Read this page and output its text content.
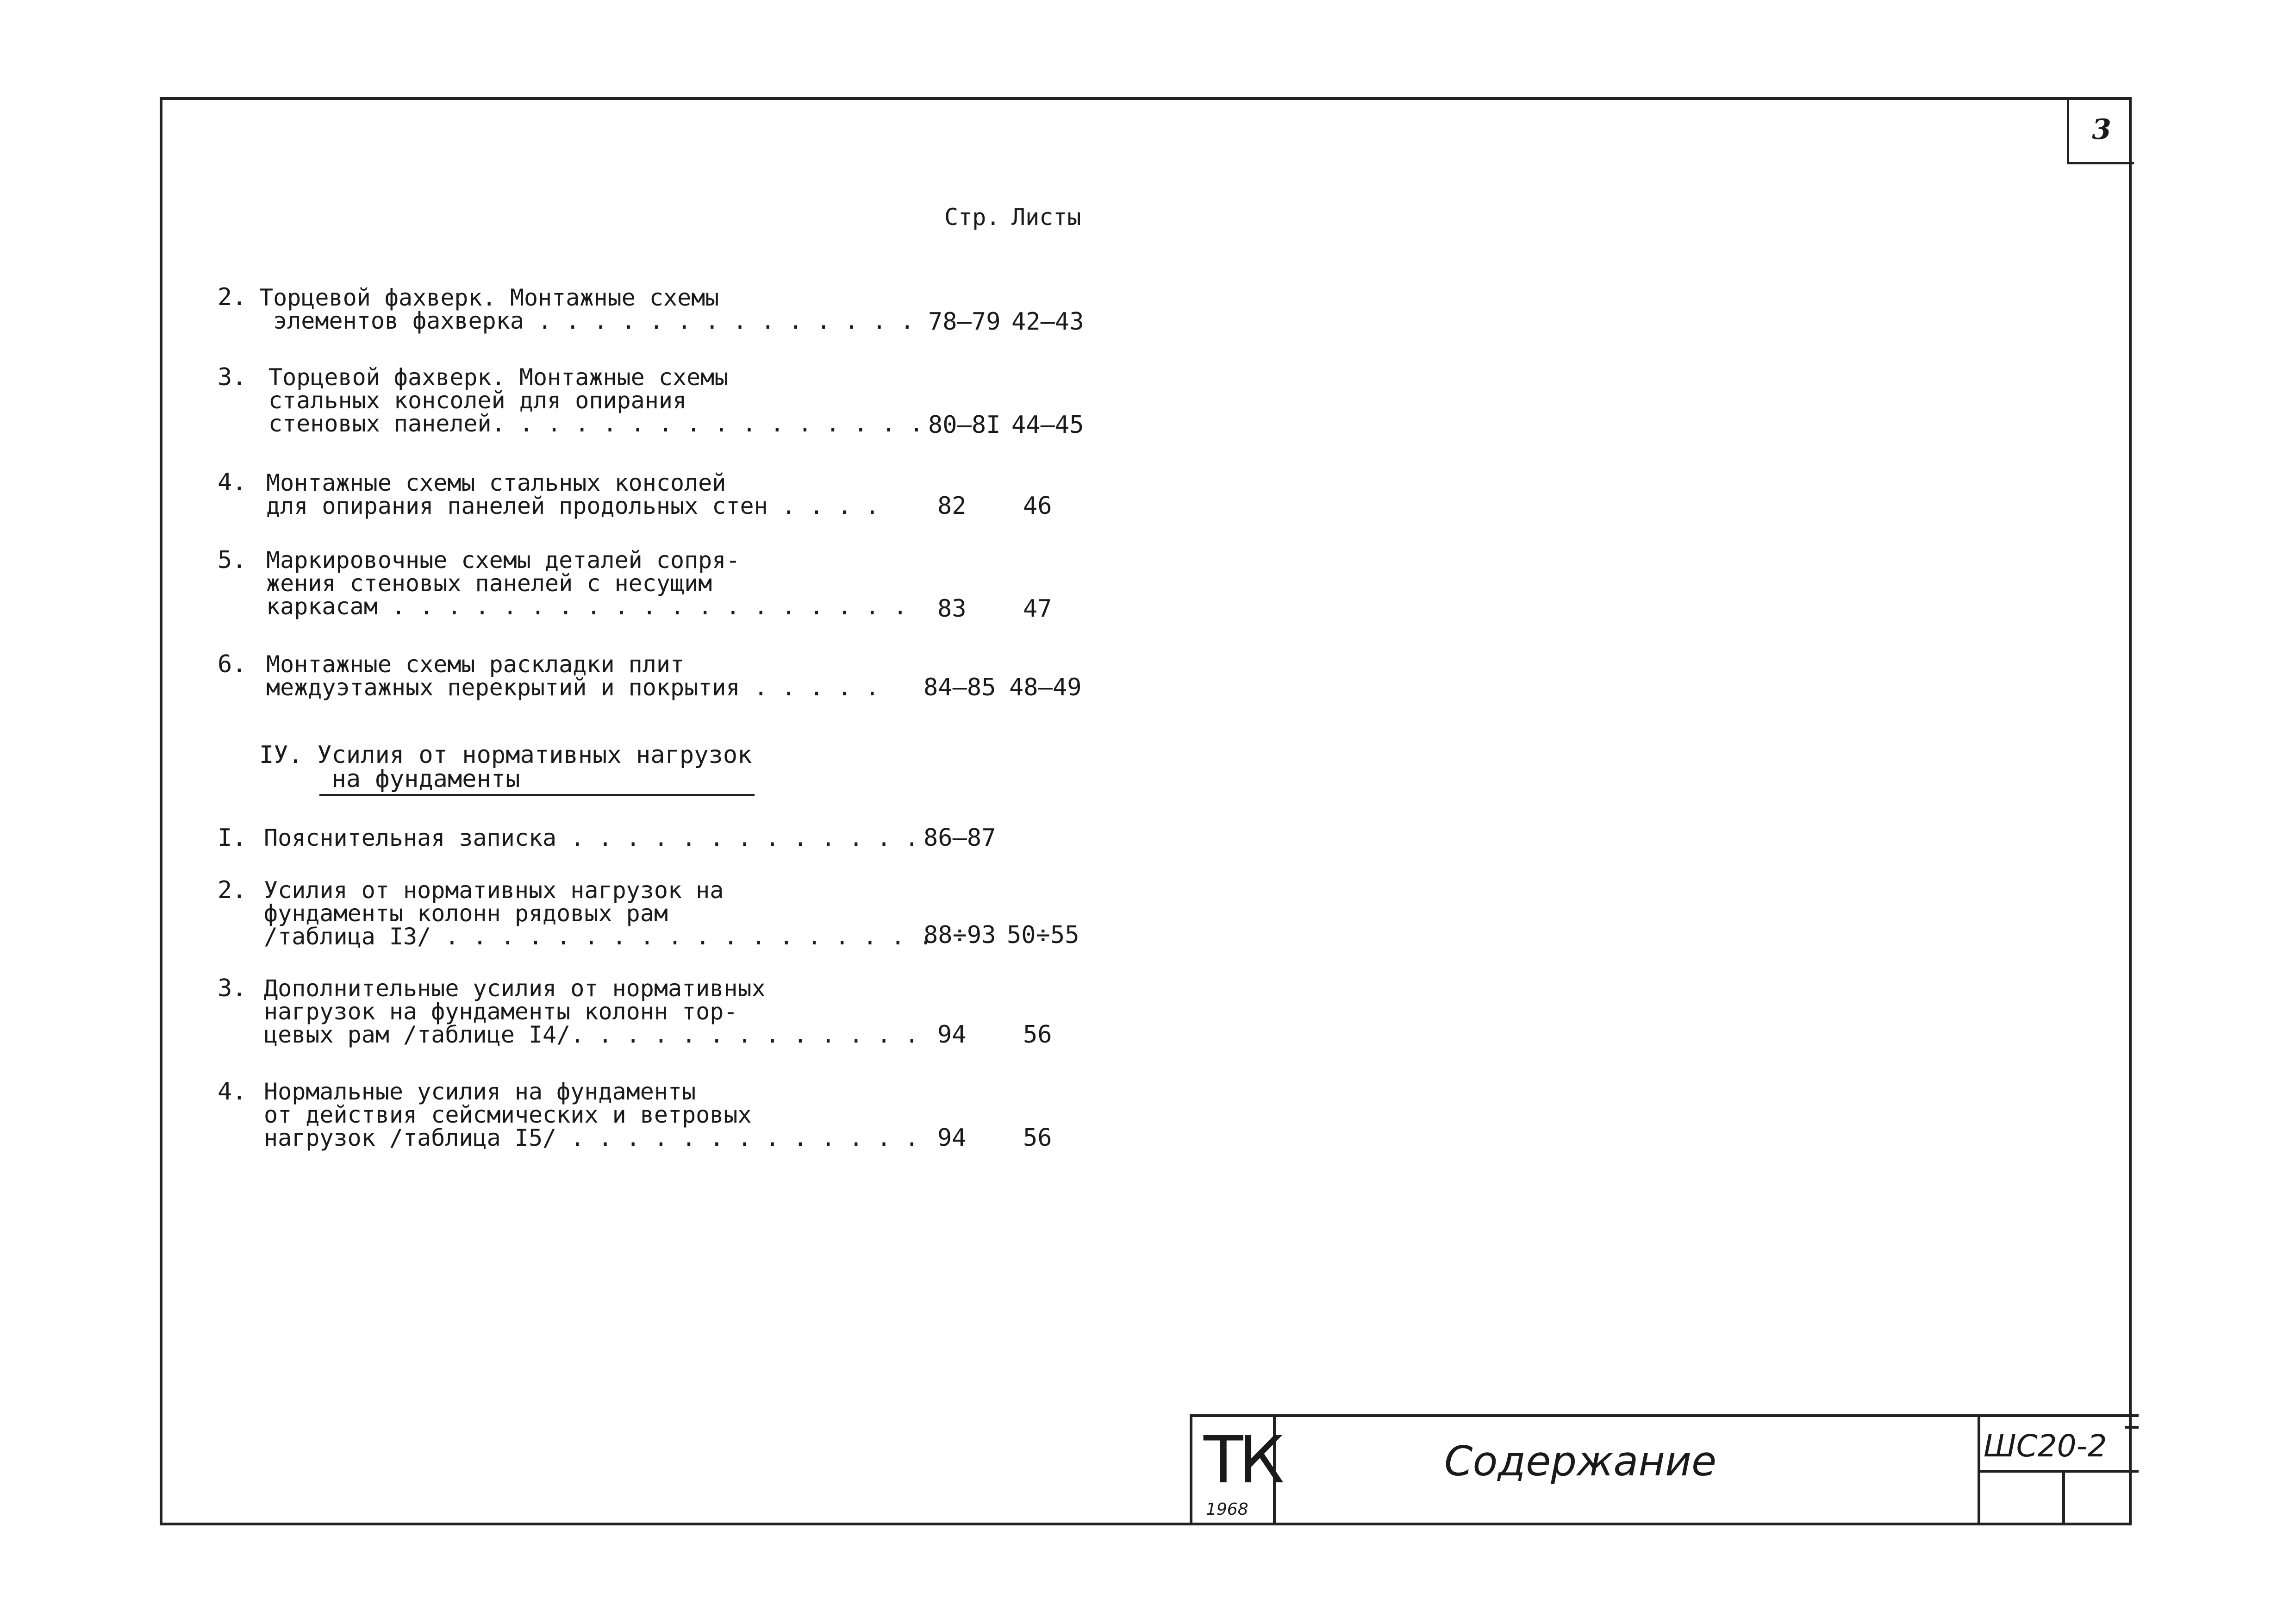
3
Стр. Листы
2. Торцевой фахверк. Монтажные схемы
элементов фахверка . . . . . . . . . . . . . . 78–79 42–43
3. Торцевой фахверк. Монтажные схемы
стальных консолей для опирания
стеновых панелей. . . . . . . . . . . . . . . . 80–8I 44–45
4. Монтажные схемы стальных консолей
для опирания панелей продольных стен . . . . 82 46
5. Маркировочные схемы деталей сопря-
жения стеновых панелей с несущим
каркасам . . . . . . . . . . . . . . . . . . . 83 47
6. Монтажные схемы раскладки плит
междуэтажных перекрытий и покрытия . . . . . 84–85 48–49
IУ. Усилия от нормативных нагрузок
на фундаменты
I. Пояснительная записка . . . . . . . . . . . . . 86–87
2. Усилия от нормативных нагрузок на
фундаменты колонн рядовых рам
/таблица I3/ . . . . . . . . . . . . . . . . . .
88÷93 50÷55
3. Дополнительные усилия от нормативных
нагрузок на фундаменты колонн тор-
цевых рам /таблице I4/. . . . . . . . . . . . . 94 56
4. Нормальные усилия на фундаменты
от действия сейсмических и ветровых
нагрузок /таблица I5/ . . . . . . . . . . . . . 94 56
ТК
1968
Содержание	ШС20-2
